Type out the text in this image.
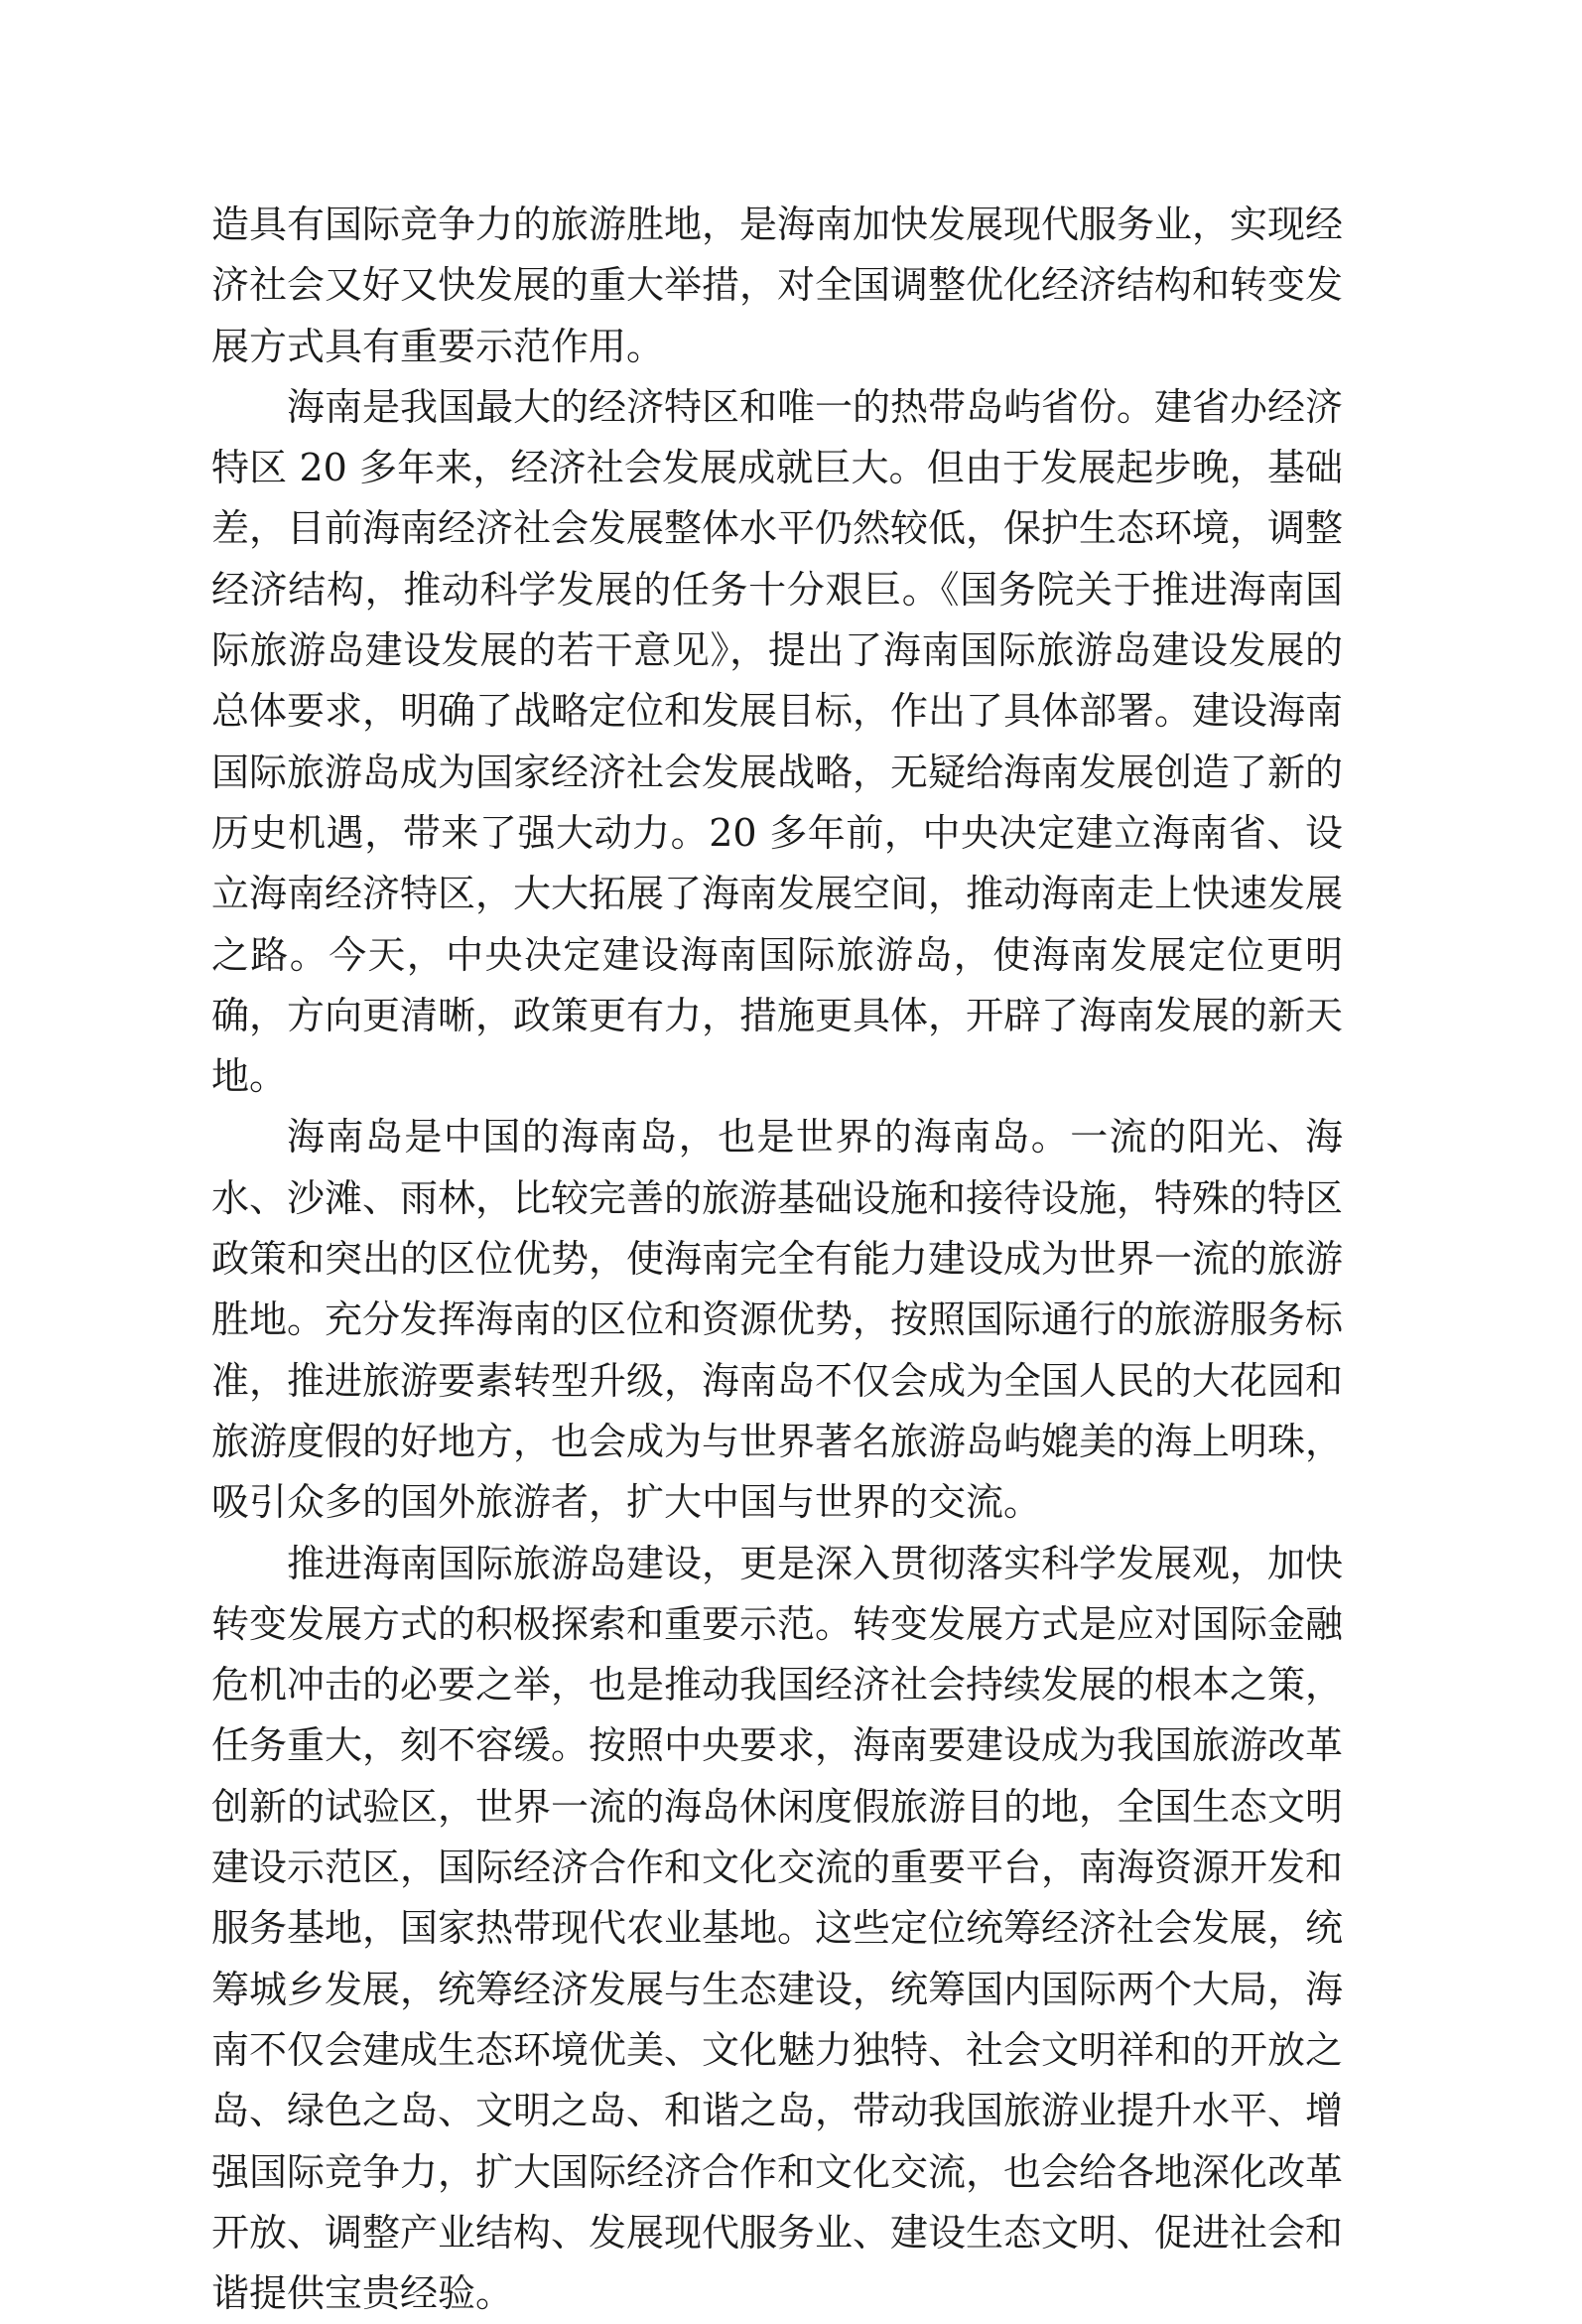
造具有国际竞争力的旅游胜地，是海南加快发展现代服务业，实现经济社会又好又快发展的重大举措，对全国调整优化经济结构和转变发展方式具有重要示范作用。

海南是我国最大的经济特区和唯一的热带岛屿省份。建省办经济特区 20 多年来，经济社会发展成就巨大。但由于发展起步晚，基础差，目前海南经济社会发展整体水平仍然较低，保护生态环境，调整经济结构，推动科学发展的任务十分艰巨。《国务院关于推进海南国际旅游岛建设发展的若干意见》，提出了海南国际旅游岛建设发展的总体要求，明确了战略定位和发展目标，作出了具体部署。建设海南国际旅游岛成为国家经济社会发展战略，无疑给海南发展创造了新的历史机遇，带来了强大动力。20 多年前，中央决定建立海南省、设立海南经济特区，大大拓展了海南发展空间，推动海南走上快速发展之路。今天，中央决定建设海南国际旅游岛，使海南发展定位更明确，方向更清晰，政策更有力，措施更具体，开辟了海南发展的新天地。

海南岛是中国的海南岛，也是世界的海南岛。一流的阳光、海水、沙滩、雨林，比较完善的旅游基础设施和接待设施，特殊的特区政策和突出的区位优势，使海南完全有能力建设成为世界一流的旅游胜地。充分发挥海南的区位和资源优势，按照国际通行的旅游服务标准，推进旅游要素转型升级，海南岛不仅会成为全国人民的大花园和旅游度假的好地方，也会成为与世界著名旅游岛屿媲美的海上明珠，吸引众多的国外旅游者，扩大中国与世界的交流。

推进海南国际旅游岛建设，更是深入贯彻落实科学发展观，加快转变发展方式的积极探索和重要示范。转变发展方式是应对国际金融危机冲击的必要之举，也是推动我国经济社会持续发展的根本之策，任务重大，刻不容缓。按照中央要求，海南要建设成为我国旅游改革创新的试验区，世界一流的海岛休闲度假旅游目的地，全国生态文明建设示范区，国际经济合作和文化交流的重要平台，南海资源开发和服务基地，国家热带现代农业基地。这些定位统筹经济社会发展，统筹城乡发展，统筹经济发展与生态建设，统筹国内国际两个大局，海南不仅会建成生态环境优美、文化魅力独特、社会文明祥和的开放之岛、绿色之岛、文明之岛、和谐之岛，带动我国旅游业提升水平、增强国际竞争力，扩大国际经济合作和文化交流，也会给各地深化改革开放、调整产业结构、发展现代服务业、建设生态文明、促进社会和谐提供宝贵经验。
